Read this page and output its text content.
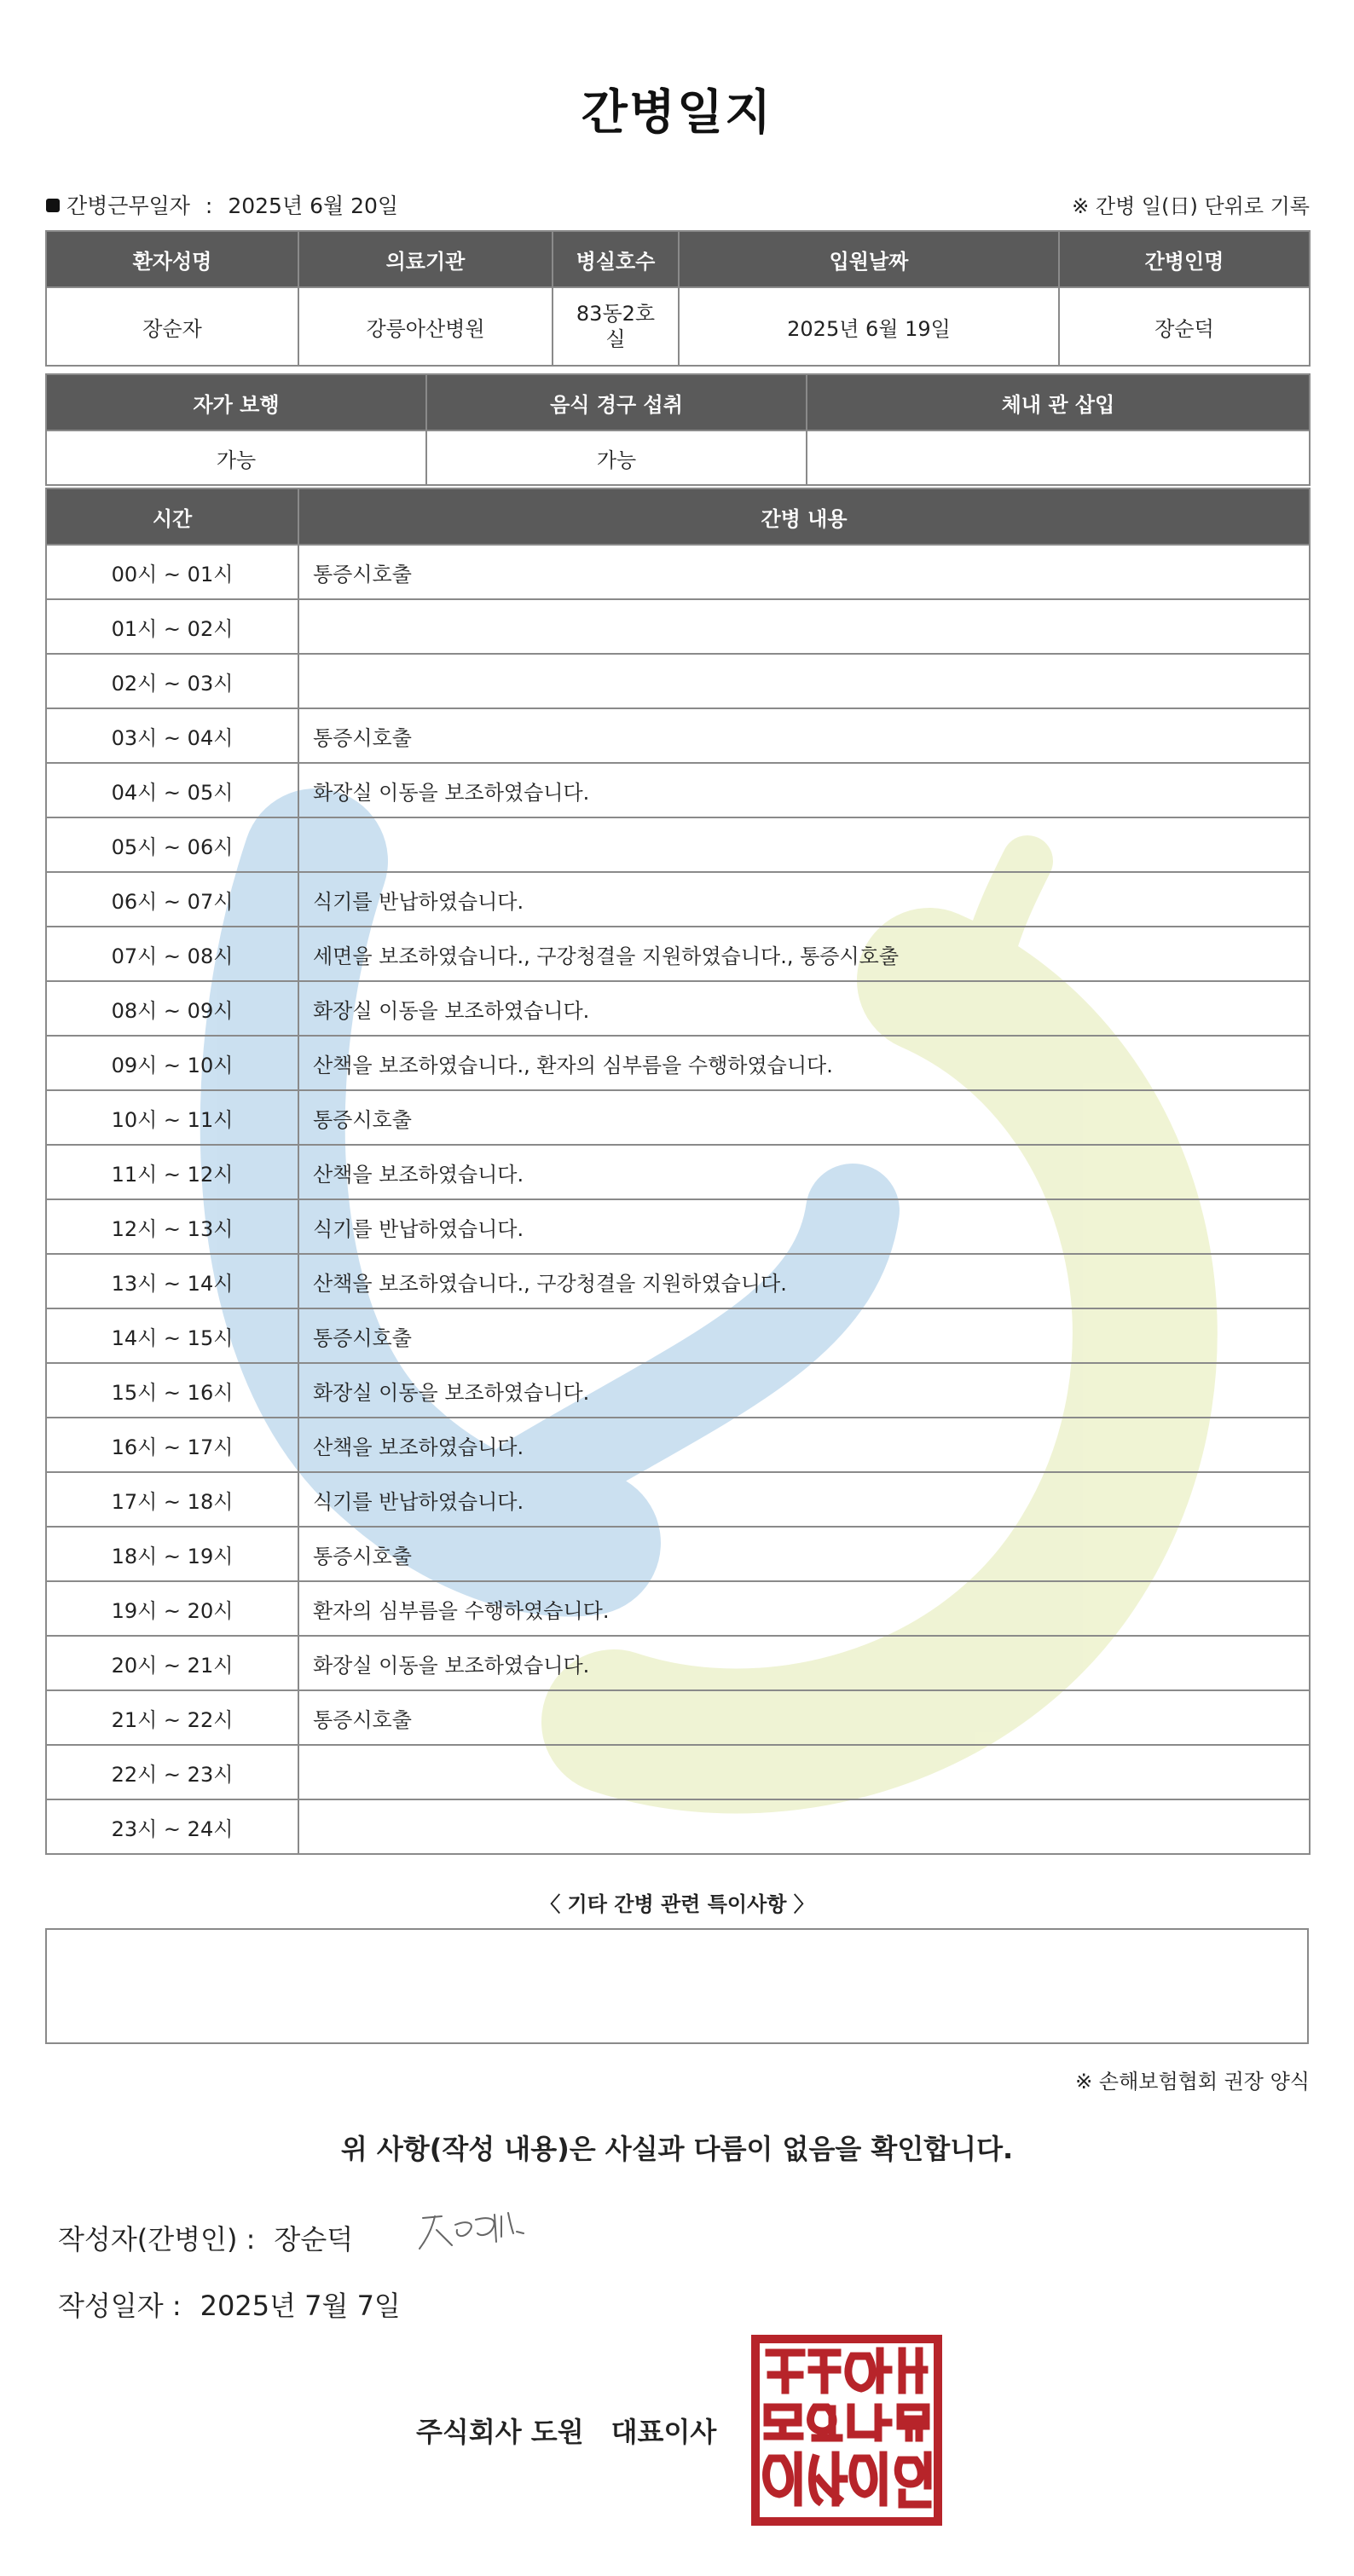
간병일지
간병근무일자 : 2025년 6월 20일	※ 간병 일(日) 단위로 기록
환자성명	의료기관	병실호수	입원날짜	간병인명
장순자	강릉아산병원	83동2호실	2025년 6월 19일	장순덕
자가 보행	음식 경구 섭취	체내 관 삽입
가능	가능	
시간	간병 내용
00시 ~ 01시	통증시호출
01시 ~ 02시	
02시 ~ 03시	
03시 ~ 04시	통증시호출
04시 ~ 05시	화장실 이동을 보조하였습니다.
05시 ~ 06시	
06시 ~ 07시	식기를 반납하였습니다.
07시 ~ 08시	세면을 보조하였습니다., 구강청결을 지원하였습니다., 통증시호출
08시 ~ 09시	화장실 이동을 보조하였습니다.
09시 ~ 10시	산책을 보조하였습니다., 환자의 심부름을 수행하였습니다.
10시 ~ 11시	통증시호출
11시 ~ 12시	산책을 보조하였습니다.
12시 ~ 13시	식기를 반납하였습니다.
13시 ~ 14시	산책을 보조하였습니다., 구강청결을 지원하였습니다.
14시 ~ 15시	통증시호출
15시 ~ 16시	화장실 이동을 보조하였습니다.
16시 ~ 17시	산책을 보조하였습니다.
17시 ~ 18시	식기를 반납하였습니다.
18시 ~ 19시	통증시호출
19시 ~ 20시	환자의 심부름을 수행하였습니다.
20시 ~ 21시	화장실 이동을 보조하였습니다.
21시 ~ 22시	통증시호출
22시 ~ 23시	
23시 ~ 24시	
〈 기타 간병 관련 특이사항 〉
※ 손해보험협회 권장 양식
위 사항(작성 내용)은 사실과 다름이 없음을 확인합니다.
작성자(간병인) : 장순덕
작성일자 : 2025년 7월 7일
주식회사 도원 대표이사
